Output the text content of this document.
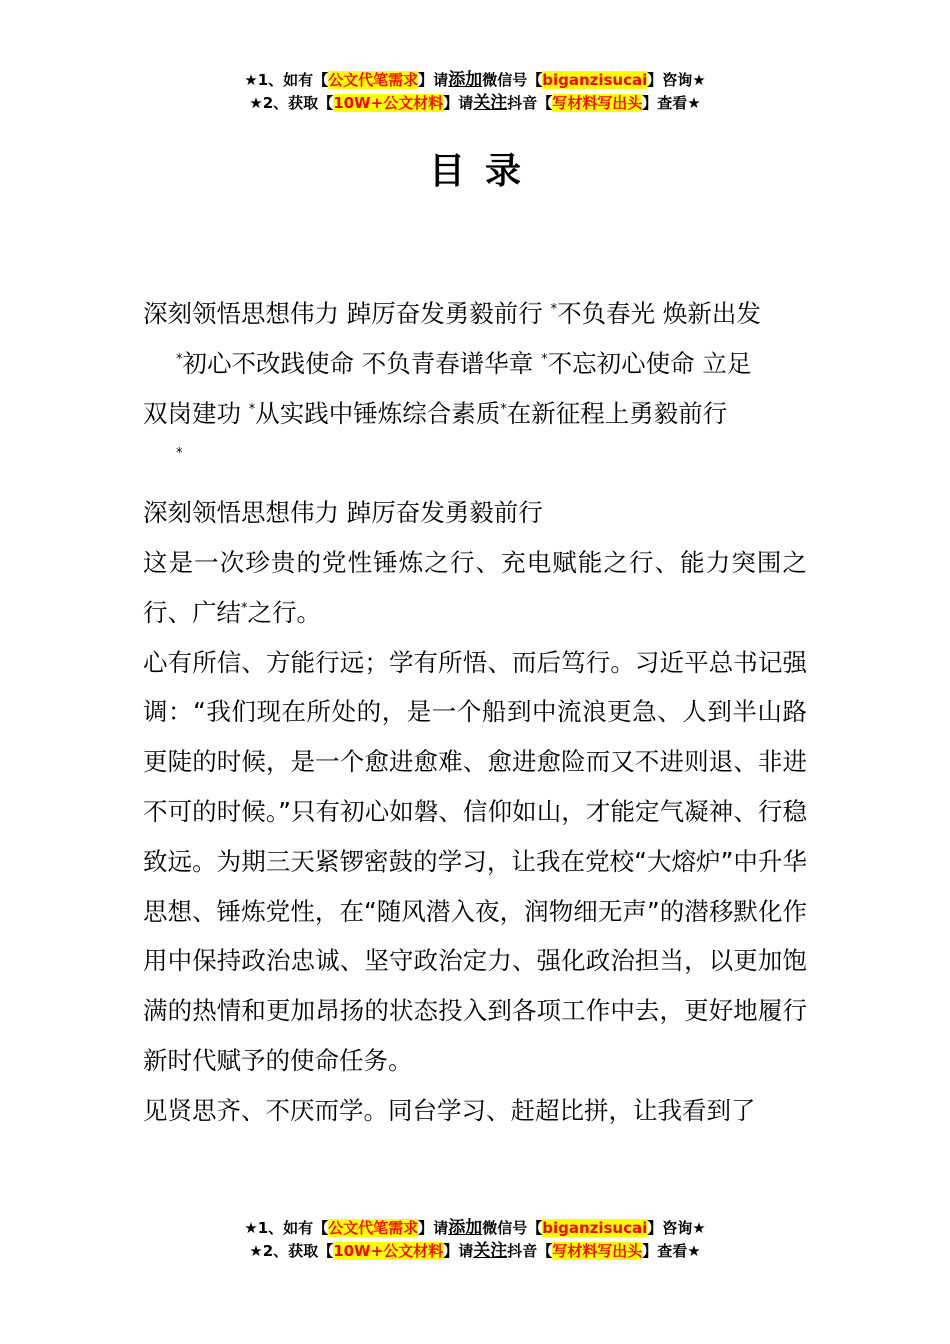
★1、如有【公文代笔需求】请添加微信号【biganzisucai】咨询★
★2、获取【10W+公文材料】请关注抖音【写材料写出头】查看★
目录

深刻领悟思想伟力 踔厉奋发勇毅前行 *不负春光 焕新出发
*初心不改践使命 不负青春谱华章 *不忘初心使命 立足
双岗建功 *从实践中锤炼综合素质*在新征程上勇毅前行
*

深刻领悟思想伟力 踔厉奋发勇毅前行

这是一次珍贵的党性锤炼之行、充电赋能之行、能力突围之行、广结*之行。

心有所信、方能行远；学有所悟、而后笃行。习近平总书记强调：“我们现在所处的，是一个船到中流浪更急、人到半山路更陡的时候，是一个愈进愈难、愈进愈险而又不进则退、非进不可的时候。”只有初心如磐、信仰如山，才能定气凝神、行稳致远。为期三天紧锣密鼓的学习，让我在党校“大熔炉”中升华思想、锤炼党性，在“随风潜入夜，润物细无声”的潜移默化作用中保持政治忠诚、坚守政治定力、强化政治担当，以更加饱满的热情和更加昂扬的状态投入到各项工作中去，更好地履行新时代赋予的使命任务。

见贤思齐、不厌而学。同台学习、赶超比拼，让我看到了

★1、如有【公文代笔需求】请添加微信号【biganzisucai】咨询★
★2、获取【10W+公文材料】请关注抖音【写材料写出头】查看★
